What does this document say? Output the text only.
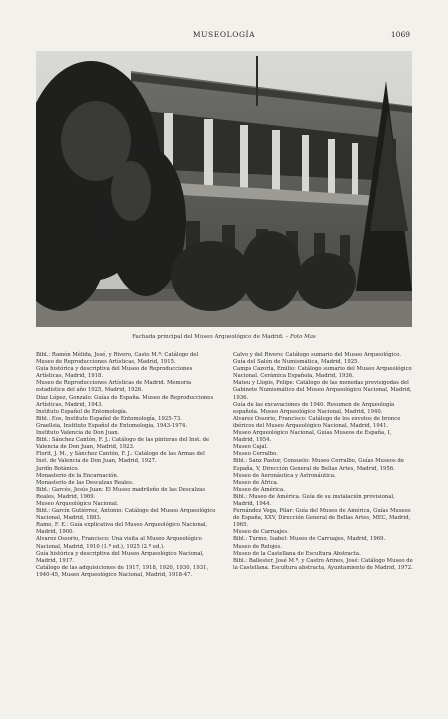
MUSEOLOGÍA	1069
Fachada principal del Museo Arqueológico de Madrid. – Foto Mas

Bibl.: Ramón Mélida, José, y Rivero, Casto M.ª: Catálogo del Museo de Reproducciones Artísticas, Madrid, 1915.

Guía histórica y descriptiva del Museo de Reproducciones Artísticas, Madrid, 1918.

Museo de Reproducciones Artísticas de Madrid. Memoria estadística del año 1925, Madrid, 1926.

Díaz López, Gonzalo: Guías de España. Museo de Reproducciones Artísticas, Madrid, 1943.

Instituto Español de Entomología.

Bibl.: Eos, Instituto Español de Entomología, 1925-73.

Graellsia, Instituto Español de Entomología, 1943-1974.

Instituto Valencia de Don Juan.

Bibl.: Sánchez Cantón, F. J.: Catálogo de las pinturas del Inst. de Valencia de Don Juan, Madrid, 1923.

Florit, J. M., y Sánchez Cantón, F. J.: Catálogo de las Armas del Inst. de Valencia de Don Juan, Madrid, 1927.

Jardín Botánico.

Monasterio de la Encarnación.

Monasterio de las Descalzas Reales.

Bibl.: Garcés, Jesús Juan: El Museo madrileño de las Descalzas Reales, Madrid, 1969.

Museo Arqueológico Nacional.

Bibl.: Garcín Gutiérrez, Antonio: Catálogo del Museo Arqueológico Nacional, Madrid, 1883.

Ramo, F. E.: Guía explicativa del Museo Arqueológico Nacional, Madrid, 1900.

Alvarez Ossorio, Francisco: Una visita al Museo Arqueológico Nacional, Madrid, 1910 (1.ª ed.), 1925 (2.ª ed.).

Guía histórica y descriptiva del Museo Arqueológico Nacional, Madrid, 1917.

Catálogo de las adquisiciones de 1917, 1918, 1920, 1930, 1931, 1940-45, Museo Arqueológico Nacional, Madrid, 1918-47.

Calvo y del Rivero: Catálogo sumario del Museo Arqueológico. Guía del Salón de Numismática, Madrid, 1925.

Camps Cazorla, Emilio: Catálogo sumario del Museo Arqueológico Nacional. Cerámica Española, Madrid, 1936.

Mateu y Llopis, Felipe: Catálogo de las monedas previsigodas del Gabinete Numismático del Museo Arqueológico Nacional, Madrid, 1936.

Guía de las excavaciones de 1940. Resumen de Arqueología española. Museo Arqueológico Nacional, Madrid, 1940.

Alvarez Ossorio, Francisco: Catálogo de los exvotos de bronce ibéricos del Museo Arqueológico Nacional, Madrid, 1941.

Museo Arqueológico Nacional, Guías Museos de España, I, Madrid, 1954.

Museo Cajal.

Museo Cerralbo.

Bibl.: Sanz Pastor, Consuelo: Museo Cerralbo, Guías Museos de España, V, Dirección General de Bellas Artes, Madrid, 1956.

Museo de Aeronáutica y Astronáutica.

Museo de África.

Museo de América.

Bibl.: Museo de América. Guía de su instalación provisional, Madrid, 1944.

Fernández Vega, Pilar: Guía del Museo de América, Guías Museos de España, XXV, Dirección General de Bellas Artes, MEC, Madrid, 1965.

Museo de Carruajes.

Bibl.: Turmo, Isabel: Museo de Carruajes, Madrid, 1969.

Museo de Relojes.

Museo de la Castellana de Escultura Abstracta.

Bibl.: Ballester, José M.ª, y Castro Arines, José: Catálogo Museo de la Castellana. Escultura abstracta, Ayuntamiento de Madrid, 1972.
